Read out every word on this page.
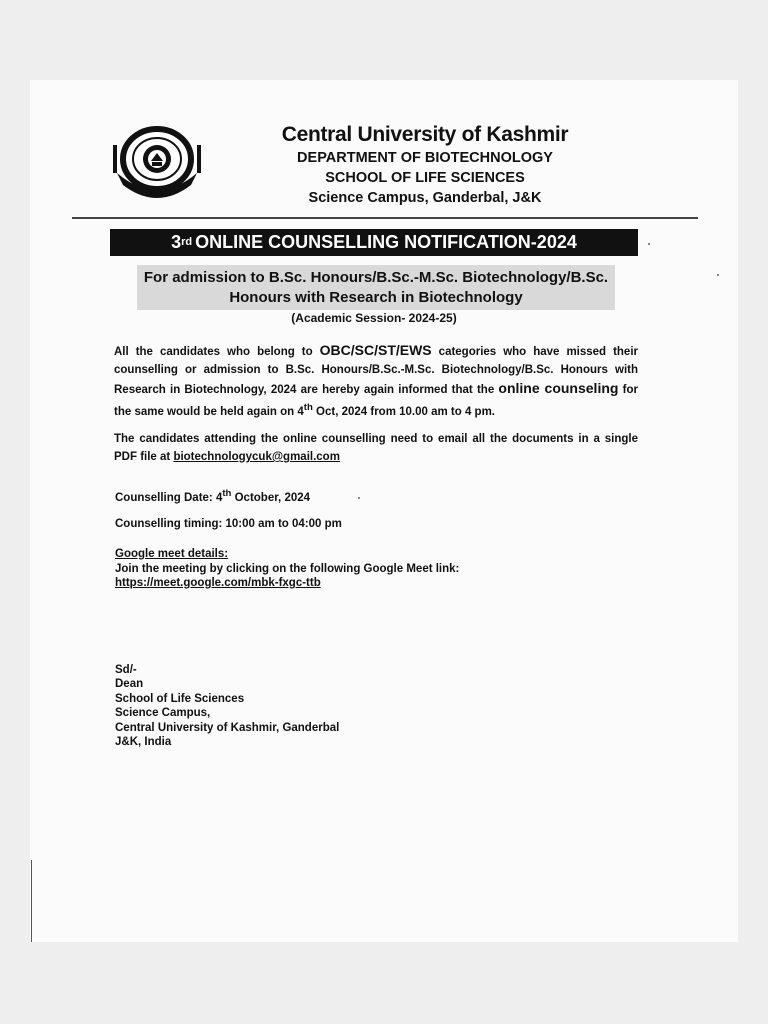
Central University of Kashmir
DEPARTMENT OF BIOTECHNOLOGY
SCHOOL OF LIFE SCIENCES
Science Campus, Ganderbal, J&K
3rd ONLINE COUNSELLING NOTIFICATION-2024
For admission to B.Sc. Honours/B.Sc.-M.Sc. Biotechnology/B.Sc.
Honours with Research in Biotechnology
(Academic Session- 2024-25)
All the candidates who belong to OBC/SC/ST/EWS categories who have missed their counselling or admission to B.Sc. Honours/B.Sc.-M.Sc. Biotechnology/B.Sc. Honours with Research in Biotechnology, 2024 are hereby again informed that the online counseling for the same would be held again on 4th Oct, 2024 from 10.00 am to 4 pm.
The candidates attending the online counselling need to email all the documents in a single PDF file at biotechnologycuk@gmail.com
Counselling Date: 4th October, 2024
Counselling timing: 10:00 am to 04:00 pm
Google meet details:
Join the meeting by clicking on the following Google Meet link:
https://meet.google.com/mbk-fxgc-ttb
Sd/-
Dean
School of Life Sciences
Science Campus,
Central University of Kashmir, Ganderbal
J&K, India
